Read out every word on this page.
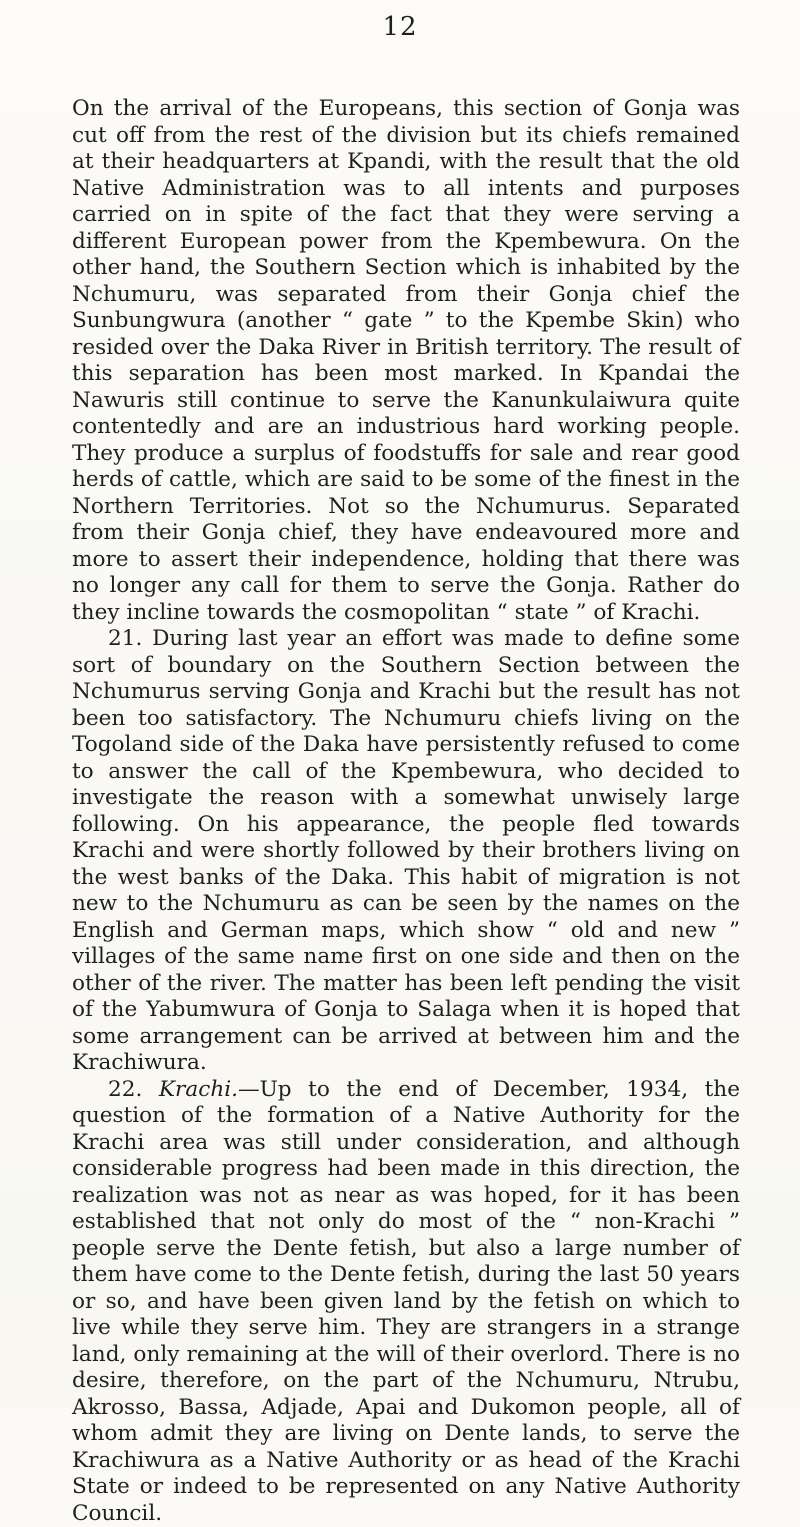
12

On the arrival of the Europeans, this section of Gonja was cut off from the rest of the division but its chiefs remained at their headquarters at Kpandi, with the result that the old Native Administration was to all intents and purposes carried on in spite of the fact that they were serving a different European power from the Kpembewura. On the other hand, the Southern Section which is inhabited by the Nchumuru, was separated from their Gonja chief the Sunbungwura (another “ gate ” to the Kpembe Skin) who resided over the Daka River in British territory. The result of this separation has been most marked. In Kpandai the Nawuris still continue to serve the Kanunkulaiwura quite contentedly and are an industrious hard working people. They produce a surplus of foodstuffs for sale and rear good herds of cattle, which are said to be some of the finest in the Northern Territories. Not so the Nchumurus. Separated from their Gonja chief, they have endeavoured more and more to assert their independence, holding that there was no longer any call for them to serve the Gonja. Rather do they incline towards the cosmopolitan “ state ” of Krachi.

21. During last year an effort was made to define some sort of boundary on the Southern Section between the Nchumurus serving Gonja and Krachi but the result has not been too satisfactory. The Nchumuru chiefs living on the Togoland side of the Daka have persistently refused to come to answer the call of the Kpembewura, who decided to investigate the reason with a somewhat unwisely large following. On his appearance, the people fled towards Krachi and were shortly followed by their brothers living on the west banks of the Daka. This habit of migration is not new to the Nchumuru as can be seen by the names on the English and German maps, which show “ old and new ” villages of the same name first on one side and then on the other of the river. The matter has been left pending the visit of the Yabumwura of Gonja to Salaga when it is hoped that some arrangement can be arrived at between him and the Krachiwura.

22. Krachi.—Up to the end of December, 1934, the question of the formation of a Native Authority for the Krachi area was still under consideration, and although considerable progress had been made in this direction, the realization was not as near as was hoped, for it has been established that not only do most of the “ non-Krachi ” people serve the Dente fetish, but also a large number of them have come to the Dente fetish, during the last 50 years or so, and have been given land by the fetish on which to live while they serve him. They are strangers in a strange land, only remaining at the will of their overlord. There is no desire, therefore, on the part of the Nchumuru, Ntrubu, Akrosso, Bassa, Adjade, Apai and Dukomon people, all of whom admit they are living on Dente lands, to serve the Krachiwura as a Native Authority or as head of the Krachi State or indeed to be represented on any Native Authority Council.
